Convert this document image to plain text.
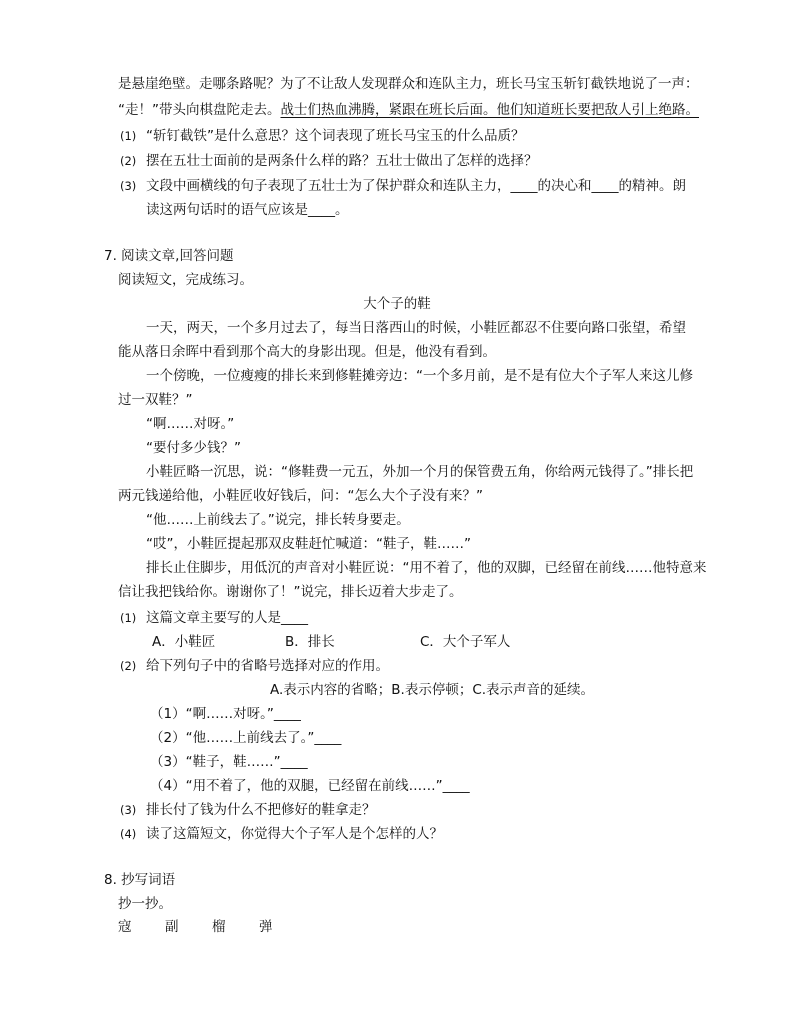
是悬崖绝壁。走哪条路呢？为了不让敌人发现群众和连队主力，班长马宝玉斩钉截铁地说了一声：
“走！”带头向棋盘陀走去。战士们热血沸腾，紧跟在班长后面。他们知道班长要把敌人引上绝路。
(1) “斩钉截铁”是什么意思？这个词表现了班长马宝玉的什么品质？
(2) 摆在五壮士面前的是两条什么样的路？五壮士做出了怎样的选择？
(3) 文段中画横线的句子表现了五壮士为了保护群众和连队主力，____的决心和____的精神。朗
读这两句话时的语气应该是____。
7. 阅读文章,回答问题
阅读短文，完成练习。
大个子的鞋
一天，两天，一个多月过去了，每当日落西山的时候，小鞋匠都忍不住要向路口张望，希望
能从落日余晖中看到那个高大的身影出现。但是，他没有看到。
一个傍晚，一位瘦瘦的排长来到修鞋摊旁边：“一个多月前，是不是有位大个子军人来这儿修
过一双鞋？”
“啊……对呀。”
“要付多少钱？”
小鞋匠略一沉思，说：“修鞋费一元五，外加一个月的保管费五角，你给两元钱得了。”排长把
两元钱递给他，小鞋匠收好钱后，问：“怎么大个子没有来？”
“他……上前线去了。”说完，排长转身要走。
“哎”，小鞋匠提起那双皮鞋赶忙喊道：“鞋子，鞋……”
排长止住脚步，用低沉的声音对小鞋匠说：“用不着了，他的双脚，已经留在前线……他特意来
信让我把钱给你。谢谢你了！”说完，排长迈着大步走了。
(1) 这篇文章主要写的人是____
A．小鞋匠	B．排长	C．大个子军人
(2) 给下列句子中的省略号选择对应的作用。
A.表示内容的省略；B.表示停顿；C.表示声音的延续。
（1）“啊……对呀。”____
（2）“他……上前线去了。”____
（3）“鞋子，鞋……”____
（4）“用不着了，他的双腿，已经留在前线……”____
(3) 排长付了钱为什么不把修好的鞋拿走？
(4) 读了这篇短文，你觉得大个子军人是个怎样的人？
8. 抄写词语
抄一抄。
寇 副 榴 弹
